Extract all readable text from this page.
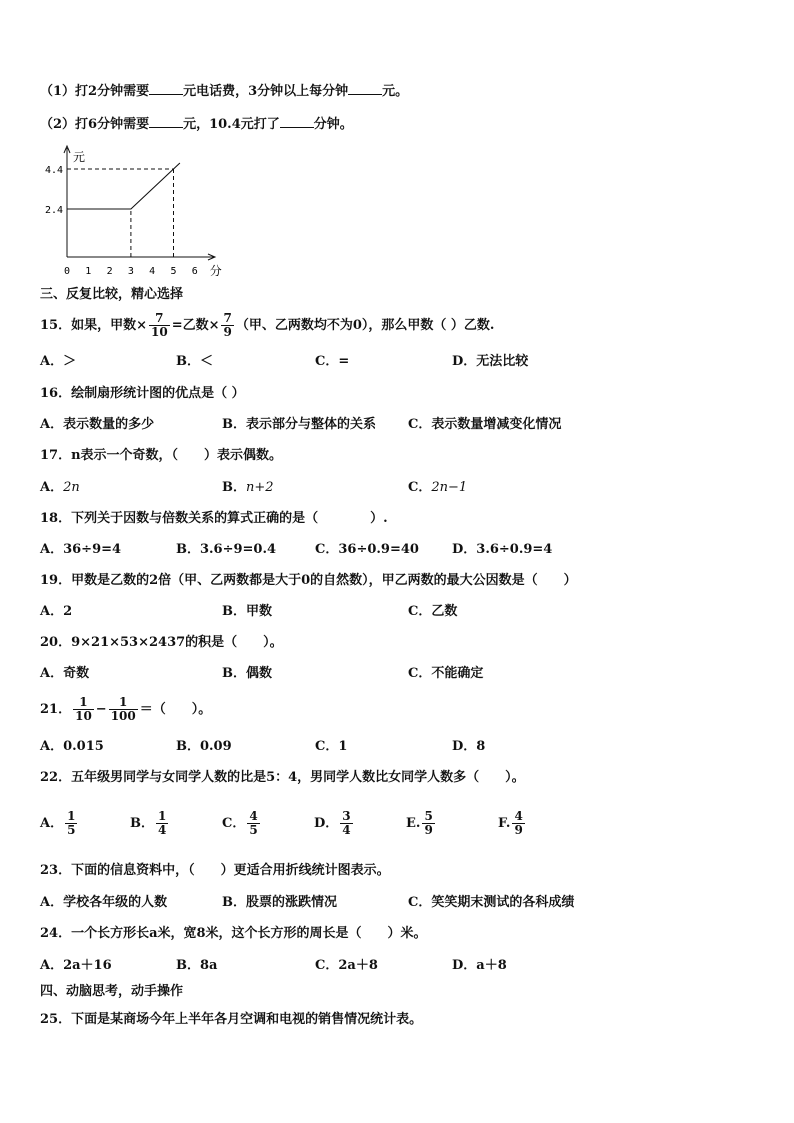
（1）打2分钟需要	元电话费，3分钟以上每分钟	元。
（2）打6分钟需要	元，10.4元打了	分钟。
元
分
0 1 2 3 4 5 6
2.4
4.4
三、反复比较，精心选择
15．如果，甲数× $\frac{7}{10}$ =乙数× $\frac{7}{9}$ （甲、乙两数均不为0），那么甲数（ ）乙数.
A．＞	B．＜	C．=	D．无法比较
16．绘制扇形统计图的优点是（ ）
A．表示数量的多少	B．表示部分与整体的关系 C．表示数量增减变化情况
17．n表示一个奇数，（　　）表示偶数。
A．2n	B．n+2	C．2n−1
18．下列关于因数与倍数关系的算式正确的是（　　　　）.
A．36÷9=4	B．3.6÷9=0.4	C．36÷0.9=40	D．3.6÷0.9=4
19．甲数是乙数的2倍（甲、乙两数都是大于0的自然数），甲乙两数的最大公因数是（　　）
A．2	B．甲数	C．乙数
20．9×21×53×2437的积是（　　）。
A．奇数	B．偶数	C．不能确定
21． $\frac{1}{10} - \frac{1}{100}$ ＝（　　）。
A．0.015	B．0.09	C．1	D．8
22．五年级男同学与女同学人数的比是5：4，男同学人数比女同学人数多（　　）。
A． $\frac{1}{5}$	B． $\frac{1}{4}$	C． $\frac{4}{5}$	D． $\frac{3}{4}$	E. $\frac{5}{9}$	F. $\frac{4}{9}$
23．下面的信息资料中，（　　）更适合用折线统计图表示。
A．学校各年级的人数	B．股票的涨跌情况	C．笑笑期末测试的各科成绩
24．一个长方形长a米，宽8米，这个长方形的周长是（　　）米。
A．2a＋16	B．8a	C．2a＋8	D．a＋8
四、动脑思考，动手操作
25．下面是某商场今年上半年各月空调和电视的销售情况统计表。
